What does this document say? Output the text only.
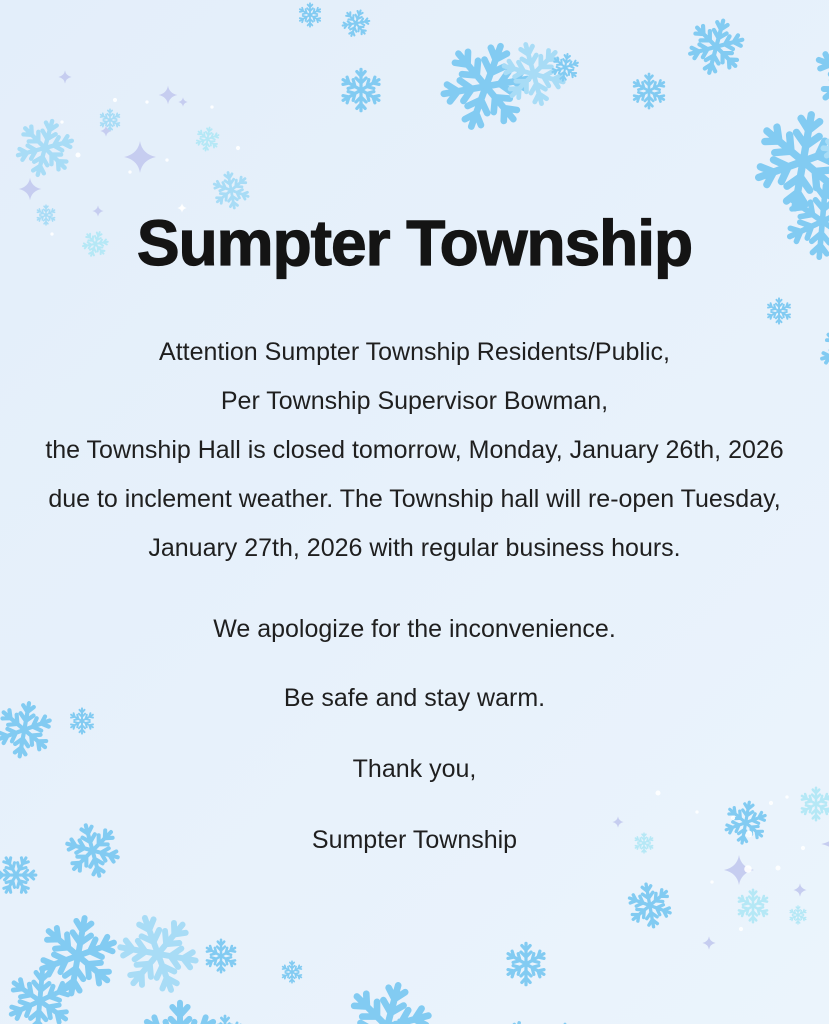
Sumpter Township
Attention Sumpter Township Residents/Public,
Per Township Supervisor Bowman,
the Township Hall is closed tomorrow, Monday, January 26th, 2026
due to inclement weather. The Township hall will re-open Tuesday,
January 27th, 2026 with regular business hours.
We apologize for the inconvenience.
Be safe and stay warm.
Thank you,
Sumpter Township
